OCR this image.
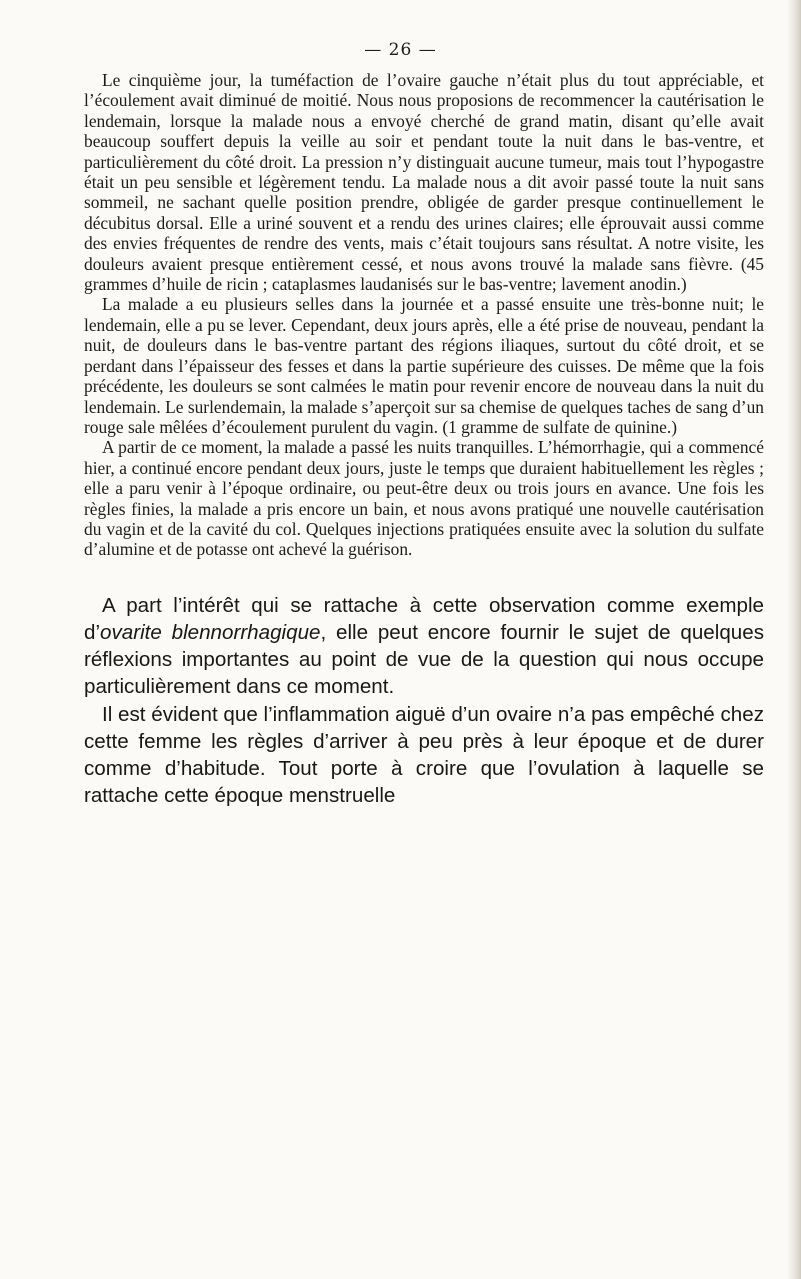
— 26 —

Le cinquième jour, la tuméfaction de l’ovaire gauche n’était plus du tout appréciable, et l’écoulement avait diminué de moitié. Nous nous proposions de recommencer la cautérisation le lendemain, lorsque la malade nous a envoyé cherché de grand matin, disant qu’elle avait beaucoup souffert depuis la veille au soir et pendant toute la nuit dans le bas-ventre, et particulièrement du côté droit. La pression n’y distinguait aucune tumeur, mais tout l’hypogastre était un peu sensible et légèrement tendu. La malade nous a dit avoir passé toute la nuit sans sommeil, ne sachant quelle position prendre, obligée de garder presque continuellement le décubitus dorsal. Elle a uriné souvent et a rendu des urines claires; elle éprouvait aussi comme des envies fréquentes de rendre des vents, mais c’était toujours sans résultat. A notre visite, les douleurs avaient presque entièrement cessé, et nous avons trouvé la malade sans fièvre. (45 grammes d’huile de ricin ; cataplasmes laudanisés sur le bas-ventre; lavement anodin.)

La malade a eu plusieurs selles dans la journée et a passé ensuite une très-bonne nuit; le lendemain, elle a pu se lever. Cependant, deux jours après, elle a été prise de nouveau, pendant la nuit, de douleurs dans le bas-ventre partant des régions iliaques, surtout du côté droit, et se perdant dans l’épaisseur des fesses et dans la partie supérieure des cuisses. De même que la fois précédente, les douleurs se sont calmées le matin pour revenir encore de nouveau dans la nuit du lendemain. Le surlendemain, la malade s’aperçoit sur sa chemise de quelques taches de sang d’un rouge sale mêlées d’écoulement purulent du vagin. (1 gramme de sulfate de quinine.)

A partir de ce moment, la malade a passé les nuits tranquilles. L’hémorrhagie, qui a commencé hier, a continué encore pendant deux jours, juste le temps que duraient habituellement les règles ; elle a paru venir à l’époque ordinaire, ou peut-être deux ou trois jours en avance. Une fois les règles finies, la malade a pris encore un bain, et nous avons pratiqué une nouvelle cautérisation du vagin et de la cavité du col. Quelques injections pratiquées ensuite avec la solution du sulfate d’alumine et de potasse ont achevé la guérison.

A part l’intérêt qui se rattache à cette observation comme exemple d’ovarite blennorrhagique, elle peut encore fournir le sujet de quelques réflexions importantes au point de vue de la question qui nous occupe particulièrement dans ce moment.

Il est évident que l’inflammation aiguë d’un ovaire n’a pas empêché chez cette femme les règles d’arriver à peu près à leur époque et de durer comme d’habitude. Tout porte à croire que l’ovulation à laquelle se rattache cette époque menstruelle
